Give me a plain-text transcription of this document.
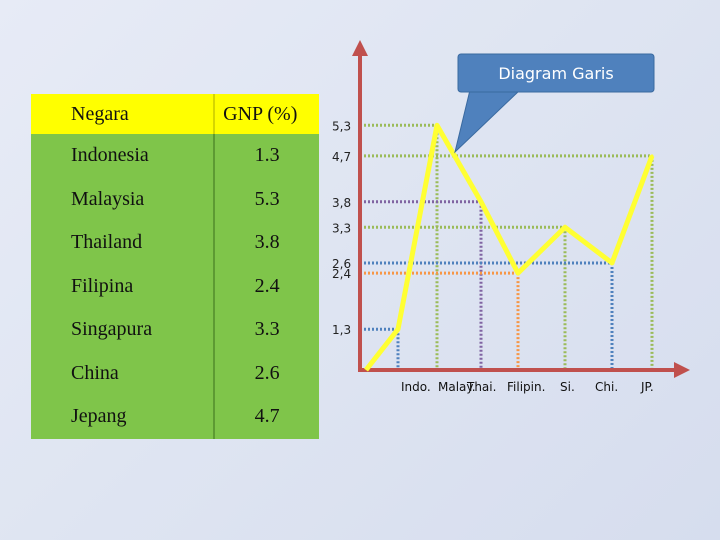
Negara	GNP (%)
Indonesia	1.3
Malaysia	5.3
Thailand	3.8
Filipina	2.4
Singapura	3.3
China	2.6
Jepang	4.7
5,3
4,7
3,8
3,3
2,6
2,4
1,3
Indo. Malay.
Thai. Filipin. Si. Chi. JP.
Diagram Garis
